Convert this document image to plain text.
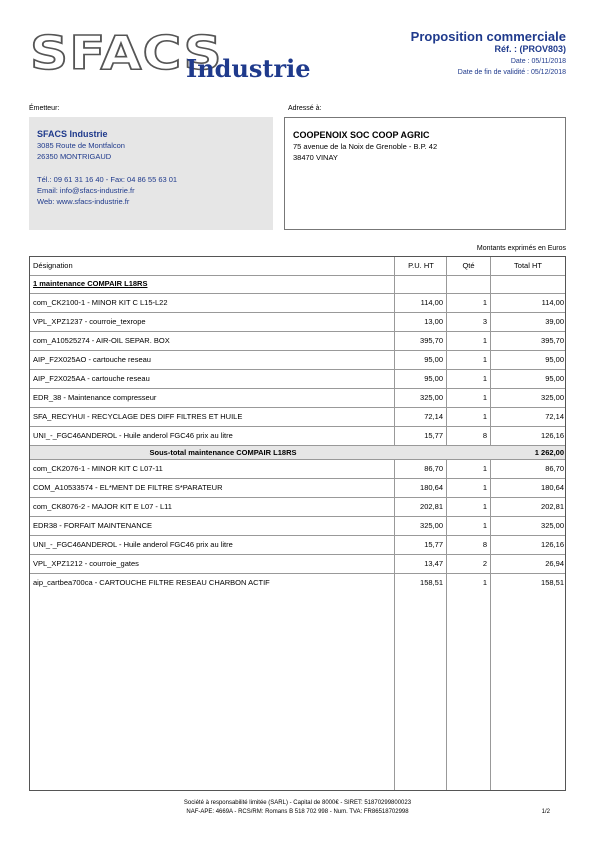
SFACS
Industrie
Proposition commerciale
Réf. : (PROV803)
Date : 05/11/2018
Date de fin de validité : 05/12/2018
Émetteur:	Adressé à:
SFACS Industrie
3085 Route de Montfalcon
26350 MONTRIGAUD
Tél.: 09 61 31 16 40 - Fax: 04 86 55 63 01
Email: info@sfacs-industrie.fr
Web: www.sfacs-industrie.fr
COOPENOIX SOC COOP AGRIC
75 avenue de la Noix de Grenoble - B.P. 42
38470 VINAY
Montants exprimés en Euros
Désignation	P.U. HT	Qté	Total HT
1 maintenance COMPAIR L18RS
com_CK2100-1 - MINOR KIT C L15-L22	114,00	1	114,00
VPL_XPZ1237 - courroie_texrope	13,00	3	39,00
com_A10525274 - AIR-OIL SEPAR. BOX	395,70	1	395,70
AIP_F2X025AO - cartouche reseau	95,00	1	95,00
AIP_F2X025AA - cartouche reseau	95,00	1	95,00
EDR_38 - Maintenance compresseur	325,00	1	325,00
SFA_RECYHUI - RECYCLAGE DES DIFF FILTRES ET HUILE	72,14	1	72,14
UNI_-_FGC46ANDEROL - Huile anderol FGC46 prix au litre	15,77	8	126,16
Sous-total maintenance COMPAIR L18RS	1 262,00
com_CK2076-1 - MINOR KIT C L07-11	86,70	1	86,70
COM_A10533574 - EL*MENT DE FILTRE S*PARATEUR	180,64	1	180,64
com_CK8076-2 - MAJOR KIT E L07 - L11	202,81	1	202,81
EDR38 - FORFAIT MAINTENANCE	325,00	1	325,00
UNI_-_FGC46ANDEROL - Huile anderol FGC46 prix au litre	15,77	8	126,16
VPL_XPZ1212 - courroie_gates	13,47	2	26,94
aip_cartbea700ca - CARTOUCHE FILTRE RESEAU CHARBON ACTIF	158,51	1	158,51
Société à responsabilité limitée (SARL) - Capital de 8000€ - SIRET: 51870299800023
NAF-APE: 4669A - RCS/RM: Romans B 518 702 998 - Num. TVA: FR86518702998	1/2
